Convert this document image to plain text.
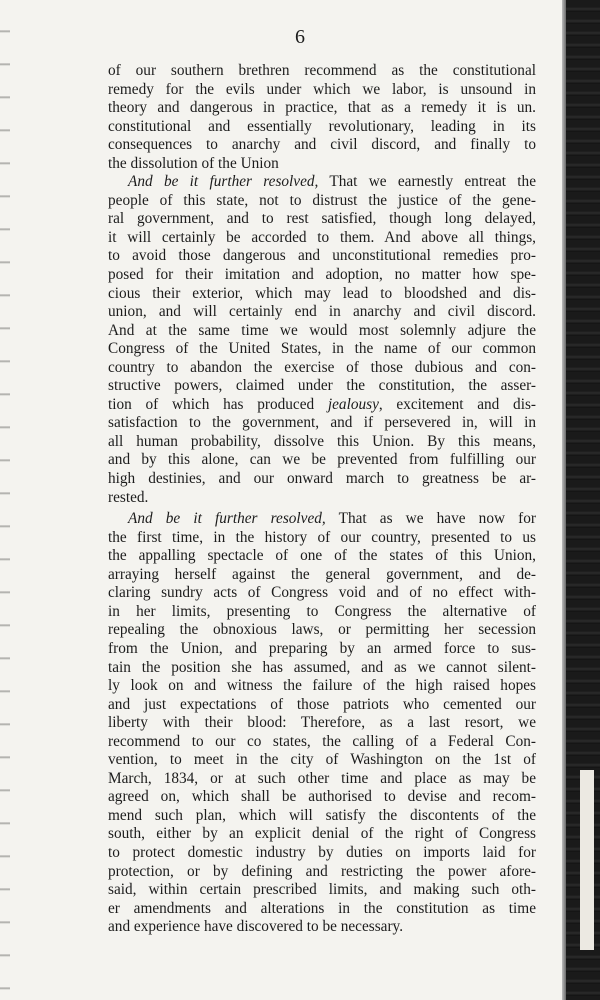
6
of our southern brethren recommend as the constitutional
remedy for the evils under which we labor, is unsound in
theory and dangerous in practice, that as a remedy it is un.
constitutional and essentially revolutionary, leading in its
consequences to anarchy and civil discord, and finally to
the dissolution of the Union
And be it further resolved, That we earnestly entreat the
people of this state, not to distrust the justice of the gene-
ral government, and to rest satisfied, though long delayed,
it will certainly be accorded to them. And above all things,
to avoid those dangerous and unconstitutional remedies pro-
posed for their imitation and adoption, no matter how spe-
cious their exterior, which may lead to bloodshed and dis-
union, and will certainly end in anarchy and civil discord.
And at the same time we would most solemnly adjure the
Congress of the United States, in the name of our common
country to abandon the exercise of those dubious and con-
structive powers, claimed under the constitution, the asser-
tion of which has produced jealousy, excitement and dis-
satisfaction to the government, and if persevered in, will in
all human probability, dissolve this Union. By this means,
and by this alone, can we be prevented from fulfilling our
high destinies, and our onward march to greatness be ar-
rested.
And be it further resolved, That as we have now for
the first time, in the history of our country, presented to us
the appalling spectacle of one of the states of this Union,
arraying herself against the general government, and de-
claring sundry acts of Congress void and of no effect with-
in her limits, presenting to Congress the alternative of
repealing the obnoxious laws, or permitting her secession
from the Union, and preparing by an armed force to sus-
tain the position she has assumed, and as we cannot silent-
ly look on and witness the failure of the high raised hopes
and just expectations of those patriots who cemented our
liberty with their blood: Therefore, as a last resort, we
recommend to our co states, the calling of a Federal Con-
vention, to meet in the city of Washington on the 1st of
March, 1834, or at such other time and place as may be
agreed on, which shall be authorised to devise and recom-
mend such plan, which will satisfy the discontents of the
south, either by an explicit denial of the right of Congress
to protect domestic industry by duties on imports laid for
protection, or by defining and restricting the power afore-
said, within certain prescribed limits, and making such oth-
er amendments and alterations in the constitution as time
and experience have discovered to be necessary.
